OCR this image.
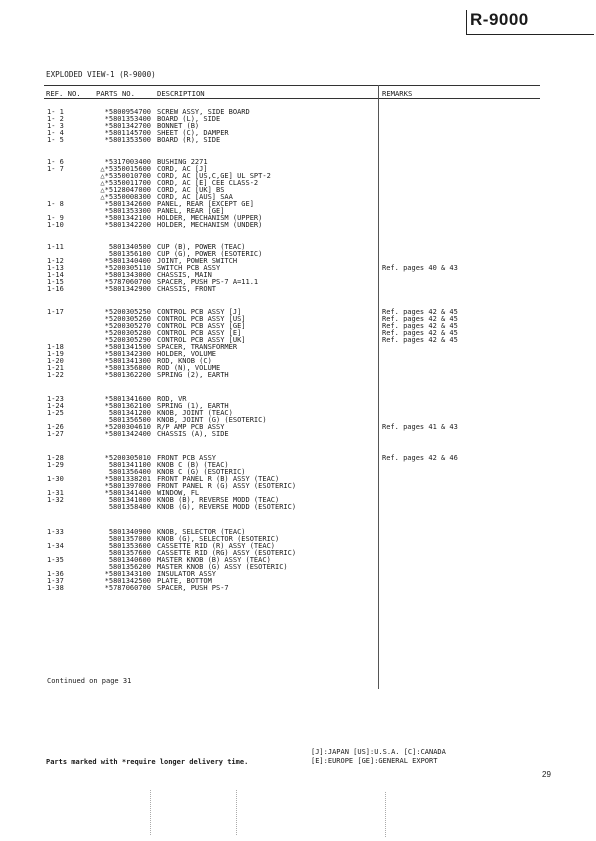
R-9000
EXPLODED VIEW-1 (R-9000)
REF. NO. PARTS NO.	DESCRIPTION	REMARKS
1- 1	*5800954700 SCREW ASSY, SIDE BOARD
1- 2	*5801353400 BOARD (L), SIDE
1- 3	*5801342700 BONNET (B)
1- 4	*5801145700 SHEET (C), DAMPER
1- 5	*5801353500 BOARD (R), SIDE
1- 6	*5317003400 BUSHING 2271
1- 7	△*5350015600 CORD, AC [J]
△*5350010700 CORD, AC [US,C,GE] UL SPT-2
△*5350011700 CORD, AC [E] CEE CLASS-2
△*5128047000 CORD, AC [UK] BS
△*5350008300 CORD, AC [AUS] SAA
1- 8	*5801342600 PANEL, REAR [EXCEPT GE]
*5801353300 PANEL, REAR [GE]
1- 9	*5801342100 HOLDER, MECHANISM (UPPER)
1-10	*5801342200 HOLDER, MECHANISM (UNDER)
1-11	5801340500 CUP (B), POWER (TEAC)
5801356100 CUP (G), POWER (ESOTERIC)
1-12	*5801340400 JOINT, POWER SWITCH
1-13	*5200305110 SWITCH PCB ASSY	Ref. pages 40 & 43
1-14	*5801343000 CHASSIS, MAIN
1-15	*5787060700 SPACER, PUSH PS-7 A=11.1
1-16	*5801342900 CHASSIS, FRONT
1-17	*5200305250 CONTROL PCB ASSY [J]	Ref. pages 42 & 45
*5200305260 CONTROL PCB ASSY [US]	Ref. pages 42 & 45
*5200305270 CONTROL PCB ASSY [GE]	Ref. pages 42 & 45
*5200305280 CONTROL PCB ASSY [E]	Ref. pages 42 & 45
*5200305290 CONTROL PCB ASSY [UK]	Ref. pages 42 & 45
1-18	*5801341500 SPACER, TRANSFORMER
1-19	*5801342300 HOLDER, VOLUME
1-20	*5801341300 ROD, KNOB (C)
1-21	*5801356800 ROD (N), VOLUME
1-22	*5801362200 SPRING (2), EARTH
1-23	*5801341600 ROD, VR
1-24	*5801362100 SPRING (1), EARTH
1-25	5801341200 KNOB, JOINT (TEAC)
5801356500 KNOB, JOINT (G) (ESOTERIC)
1-26	*5200304610 R/P AMP PCB ASSY	Ref. pages 41 & 43
1-27	*5801342400 CHASSIS (A), SIDE
1-28	*5200305010 FRONT PCB ASSY	Ref. pages 42 & 46
1-29	5801341100 KNOB C (B) (TEAC)
5801356400 KNOB C (G) (ESOTERIC)
1-30	*5801338201 FRONT PANEL R (B) ASSY (TEAC)
*5801397000 FRONT PANEL R (G) ASSY (ESOTERIC)
1-31	*5801341400 WINDOW, FL
1-32	5801341000 KNOB (B), REVERSE MODD (TEAC)
5801358400 KNOB (G), REVERSE MODD (ESOTERIC)
1-33	5801340900 KNOB, SELECTOR (TEAC)
5801357000 KNOB (G), SELECTOR (ESOTERIC)
1-34	5801353600 CASSETTE RID (R) ASSY (TEAC)
5801357600 CASSETTE RID (RG) ASSY (ESOTERIC)
1-35	5801340600 MASTER KNOB (B) ASSY (TEAC)
5801356200 MASTER KNOB (G) ASSY (ESOTERIC)
1-36	*5801343100 INSULATOR ASSY
1-37	*5801342500 PLATE, BOTTOM
1-38	*5787060700 SPACER, PUSH PS-7
Continued on page 31
[J]:JAPAN [US]:U.S.A. [C]:CANADA
[E]:EUROPE [GE]:GENERAL EXPORT
Parts marked with *require longer delivery time.
29
